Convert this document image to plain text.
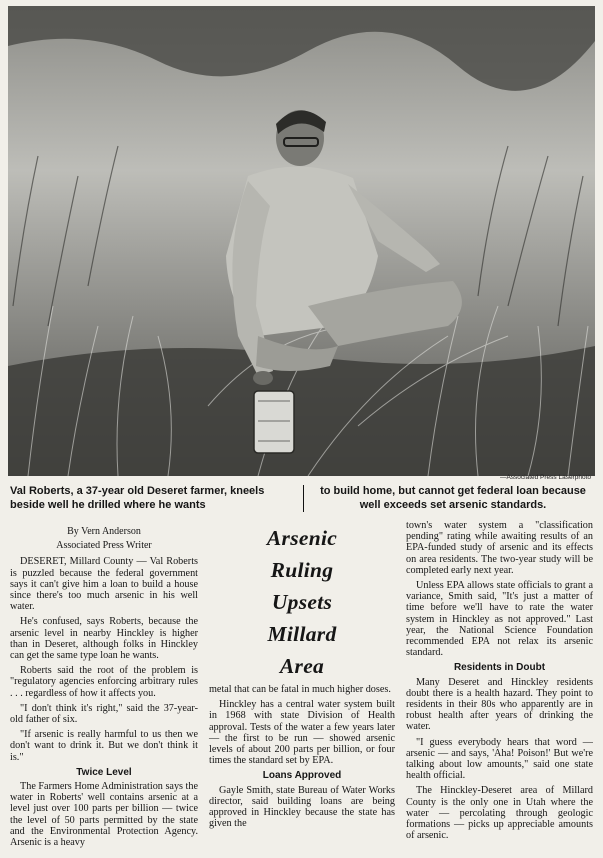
—Associated Press Laserphoto
Val Roberts, a 37-year old Deseret farmer, kneels beside well he drilled where he wants
to build home, but cannot get federal loan because well exceeds set arsenic standards.
By Vern Anderson
Associated Press Writer

DESERET, Millard County — Val Roberts is puzzled because the federal government says it can't give him a loan to build a house since there's too much arsenic in his well water.

He's confused, says Roberts, because the arsenic level in nearby Hinckley is higher than in Deseret, although folks in Hinckley can get the same type loan he wants.

Roberts said the root of the problem is "regulatory agencies enforcing arbitrary rules . . . regardless of how it affects you.

"I don't think it's right," said the 37-year-old father of six.

"If arsenic is really harmful to us then we don't want to drink it. But we don't think it is."

Twice Level

The Farmers Home Administration says the water in Roberts' well contains arsenic at a level just over 100 parts per billion — twice the level of 50 parts permitted by the state and the Environmental Protection Agency. Arsenic is a heavy

Arsenic
Ruling
Upsets
Millard
Area

metal that can be fatal in much higher doses.

Hinckley has a central water system built in 1968 with state Division of Health approval. Tests of the water a few years later — the first to be run — showed arsenic levels of about 200 parts per billion, or four times the standard set by EPA.

Loans Approved

Gayle Smith, state Bureau of Water Works director, said building loans are being approved in Hinckley because the state has given the

town's water system a "classification pending" rating while awaiting results of an EPA-funded study of arsenic and its effects on area residents. The two-year study will be completed early next year.

Unless EPA allows state officials to grant a variance, Smith said, "It's just a matter of time before we'll have to rate the water system in Hinckley as not approved." Last year, the National Science Foundation recommended EPA not relax its arsenic standard.

Residents in Doubt

Many Deseret and Hinckley residents doubt there is a health hazard. They point to residents in their 80s who apparently are in robust health after years of drinking the water.

"I guess everybody hears that word — arsenic — and says, 'Aha! Poison!' But we're talking about low amounts," said one state health official.

The Hinckley-Deseret area of Millard County is the only one in Utah where the water — percolating through geologic formations — picks up appreciable amounts of arsenic.
